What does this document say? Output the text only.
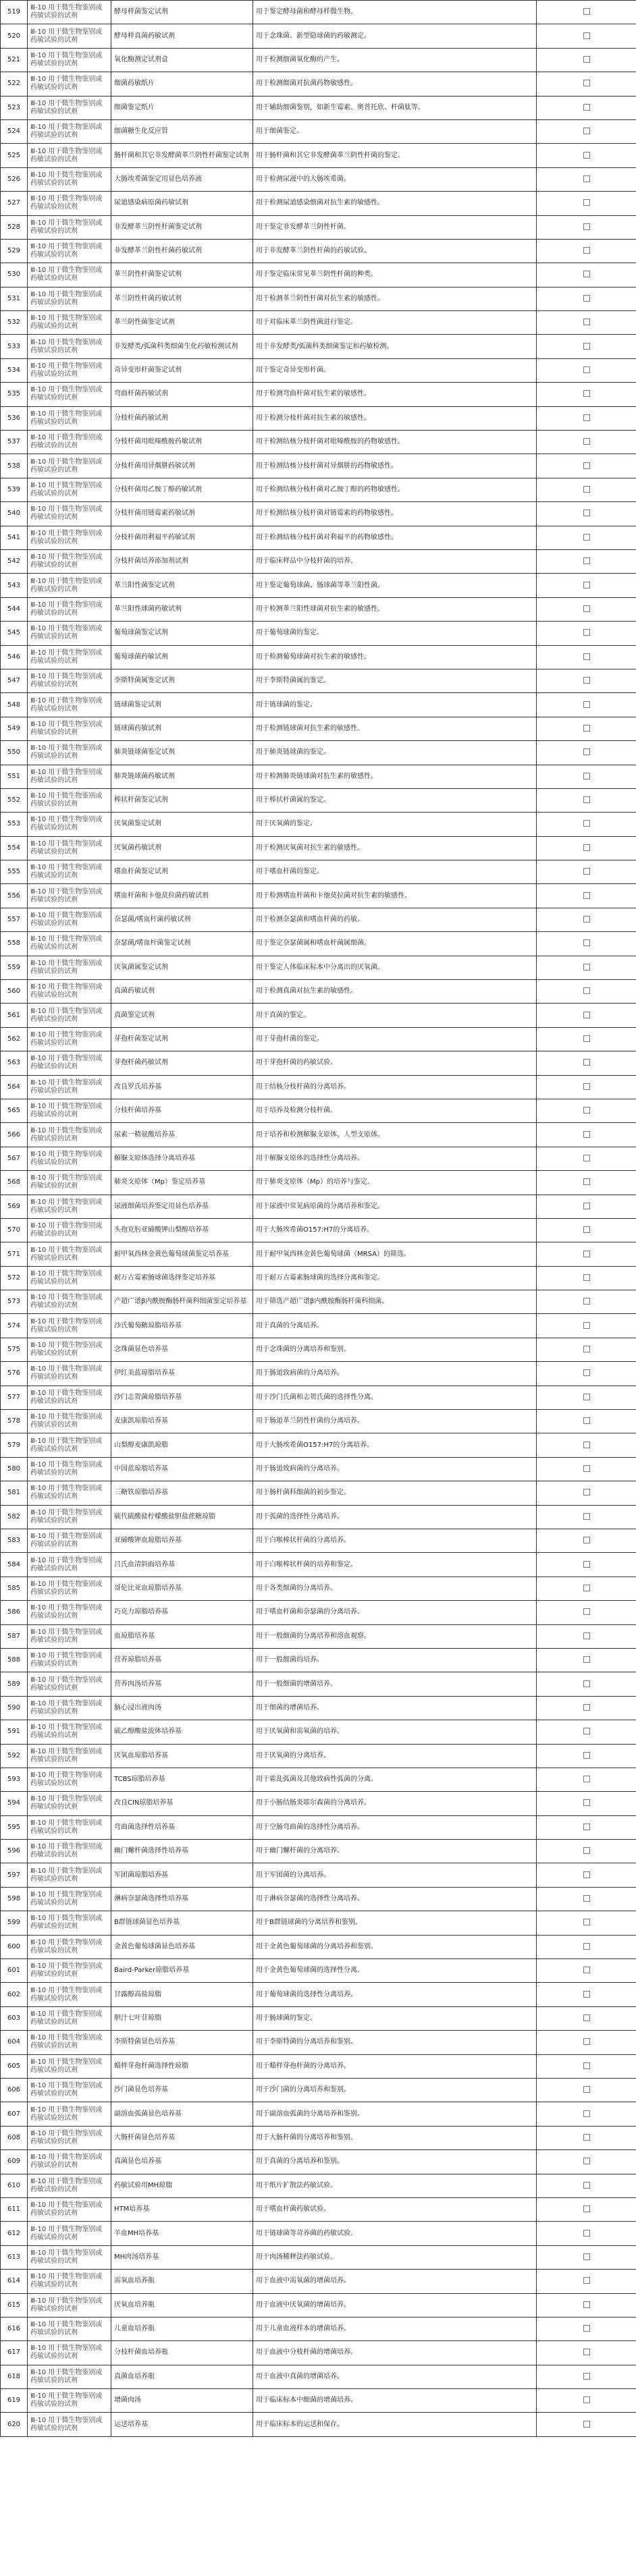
519	Ⅲ-10 用于微生物鉴别或药敏试验的试剂	酵母样菌鉴定试剂	用于鉴定酵母菌和酵母样微生物。	
520	Ⅲ-10 用于微生物鉴别或药敏试验的试剂	酵母样真菌药敏试剂	用于念珠菌、新型隐球菌的药敏测定。	
521	Ⅲ-10 用于微生物鉴别或药敏试验的试剂	氧化酶测定试剂盒	用于检测细菌氧化酶的产生。	
522	Ⅲ-10 用于微生物鉴别或药敏试验的试剂	细菌药敏纸片	用于检测细菌对抗菌药物敏感性。	
523	Ⅲ-10 用于微生物鉴别或药敏试验的试剂	细菌鉴定纸片	用于辅助细菌鉴别，如新生霉素、奥普托欣、杆菌肽等。	
524	Ⅲ-10 用于微生物鉴别或药敏试验的试剂	细菌糖生化反应管	用于细菌鉴定。	
525	Ⅲ-10 用于微生物鉴别或药敏试验的试剂	肠杆菌和其它非发酵菌革兰阴性杆菌鉴定试剂	用于肠杆菌和其它非发酵菌革兰阴性杆菌的鉴定。	
526	Ⅲ-10 用于微生物鉴别或药敏试验的试剂	大肠埃希菌鉴定用显色培养液	用于检测尿液中的大肠埃希菌。	
527	Ⅲ-10 用于微生物鉴别或药敏试验的试剂	尿道感染病原菌药敏试剂	用于检测尿道感染细菌对抗生素的敏感性。	
528	Ⅲ-10 用于微生物鉴别或药敏试验的试剂	非发酵革兰阴性杆菌鉴定试剂	用于鉴定非发酵革兰阴性杆菌。	
529	Ⅲ-10 用于微生物鉴别或药敏试验的试剂	非发酵革兰阴性杆菌药敏试剂	用于非发酵革兰阴性杆菌的药敏试验。	
530	Ⅲ-10 用于微生物鉴别或药敏试验的试剂	革兰阴性杆菌鉴定试剂	用于鉴定临床常见革兰阴性杆菌的种类。	
531	Ⅲ-10 用于微生物鉴别或药敏试验的试剂	革兰阴性杆菌药敏试剂	用于检测革兰阴性杆菌对抗生素的敏感性。	
532	Ⅲ-10 用于微生物鉴别或药敏试验的试剂	革兰阴性菌鉴定试剂	用于对临床革兰阴性菌进行鉴定。	
533	Ⅲ-10 用于微生物鉴别或药敏试验的试剂	非发酵类/弧菌科类细菌生化药敏检测试剂	用于非发酵类/弧菌科类细菌鉴定和药敏检测。	
534	Ⅲ-10 用于微生物鉴别或药敏试验的试剂	奇异变形杆菌鉴定试剂	用于鉴定奇异变形杆菌。	
535	Ⅲ-10 用于微生物鉴别或药敏试验的试剂	弯曲杆菌药敏试剂	用于检测弯曲杆菌对抗生素的敏感性。	
536	Ⅲ-10 用于微生物鉴别或药敏试验的试剂	分枝杆菌药敏试剂	用于检测分枝杆菌对抗生素的敏感性。	
537	Ⅲ-10 用于微生物鉴别或药敏试验的试剂	分枝杆菌用吡嗪酰胺药敏试剂	用于检测结核分枝杆菌对吡嗪酰胺的药物敏感性。	
538	Ⅲ-10 用于微生物鉴别或药敏试验的试剂	分枝杆菌用异烟肼药敏试剂	用于检测结核分枝杆菌对异烟肼的药物敏感性。	
539	Ⅲ-10 用于微生物鉴别或药敏试验的试剂	分枝杆菌用乙胺丁醇药敏试剂	用于检测结核分枝杆菌对乙胺丁醇的药物敏感性。	
540	Ⅲ-10 用于微生物鉴别或药敏试验的试剂	分枝杆菌用链霉素药敏试剂	用于检测结核分枝杆菌对链霉素的药物敏感性。	
541	Ⅲ-10 用于微生物鉴别或药敏试验的试剂	分枝杆菌用利福平药敏试剂	用于检测结核分枝杆菌对利福平的药物敏感性。	
542	Ⅲ-10 用于微生物鉴别或药敏试验的试剂	分枝杆菌培养添加剂试剂	用于临床样品中分枝杆菌的培养。	
543	Ⅲ-10 用于微生物鉴别或药敏试验的试剂	革兰阳性菌鉴定试剂	用于鉴定葡萄球菌、肠球菌等革兰阳性菌。	
544	Ⅲ-10 用于微生物鉴别或药敏试验的试剂	革兰阳性球菌药敏试剂	用于检测革兰阳性球菌对抗生素的敏感性。	
545	Ⅲ-10 用于微生物鉴别或药敏试验的试剂	葡萄球菌鉴定试剂	用于葡萄球菌的鉴定。	
546	Ⅲ-10 用于微生物鉴别或药敏试验的试剂	葡萄球菌药敏试剂	用于检测葡萄球菌对抗生素的敏感性。	
547	Ⅲ-10 用于微生物鉴别或药敏试验的试剂	李斯特菌属鉴定试剂	用于李斯特菌属的鉴定。	
548	Ⅲ-10 用于微生物鉴别或药敏试验的试剂	链球菌鉴定试剂	用于链球菌的鉴定。	
549	Ⅲ-10 用于微生物鉴别或药敏试验的试剂	链球菌药敏试剂	用于检测链球菌对抗生素的敏感性。	
550	Ⅲ-10 用于微生物鉴别或药敏试验的试剂	肺炎链球菌鉴定试剂	用于肺炎链球菌的鉴定。	
551	Ⅲ-10 用于微生物鉴别或药敏试验的试剂	肺炎链球菌药敏试剂	用于检测肺炎链球菌对抗生素的敏感性。	
552	Ⅲ-10 用于微生物鉴别或药敏试验的试剂	棒状杆菌鉴定试剂	用于棒状杆菌属的鉴定。	
553	Ⅲ-10 用于微生物鉴别或药敏试验的试剂	厌氧菌鉴定试剂	用于厌氧菌的鉴定。	
554	Ⅲ-10 用于微生物鉴别或药敏试验的试剂	厌氧菌药敏试剂	用于检测厌氧菌对抗生素的敏感性。	
555	Ⅲ-10 用于微生物鉴别或药敏试验的试剂	嗜血杆菌鉴定试剂	用于嗜血杆菌的鉴定。	
556	Ⅲ-10 用于微生物鉴别或药敏试验的试剂	嗜血杆菌和卡他莫拉菌药敏试剂	用于检测嗜血杆菌和卡他莫拉菌对抗生素的敏感性。	
557	Ⅲ-10 用于微生物鉴别或药敏试验的试剂	奈瑟菌/嗜血杆菌药敏试剂	用于检测奈瑟菌和嗜血杆菌的药敏。	
558	Ⅲ-10 用于微生物鉴别或药敏试验的试剂	奈瑟菌/嗜血杆菌鉴定试剂	用于鉴定奈瑟菌属和嗜血杆菌属细菌。	
559	Ⅲ-10 用于微生物鉴别或药敏试验的试剂	厌氧菌属鉴定试剂	用于鉴定人体临床标本中分离出的厌氧菌。	
560	Ⅲ-10 用于微生物鉴别或药敏试验的试剂	真菌药敏试剂	用于检测真菌对抗生素的敏感性。	
561	Ⅲ-10 用于微生物鉴别或药敏试验的试剂	真菌鉴定试剂	用于真菌的鉴定。	
562	Ⅲ-10 用于微生物鉴别或药敏试验的试剂	芽孢杆菌鉴定试剂	用于芽孢杆菌的鉴定。	
563	Ⅲ-10 用于微生物鉴别或药敏试验的试剂	芽孢杆菌药敏试剂	用于芽孢杆菌的药敏试验。	
564	Ⅲ-10 用于微生物鉴别或药敏试验的试剂	改良罗氏培养基	用于结核分枝杆菌的分离培养。	
565	Ⅲ-10 用于微生物鉴别或药敏试验的试剂	分枝杆菌培养基	用于培养及检测分枝杆菌。	
566	Ⅲ-10 用于微生物鉴别或药敏试验的试剂	尿素一精氨酸培养基	用于培养和检测解脲支原体、人型支原体。	
567	Ⅲ-10 用于微生物鉴别或药敏试验的试剂	解脲支原体选择分离培养基	用于解脲支原体的选择性分离培养。	
568	Ⅲ-10 用于微生物鉴别或药敏试验的试剂	肺炎支原体（Mp）鉴定培养基	用于肺炎支原体（Mp）的培养与鉴定。	
569	Ⅲ-10 用于微生物鉴别或药敏试验的试剂	尿液细菌培养鉴定用显色培养基	用于尿液中常见病原菌的分离培养和鉴定。	
570	Ⅲ-10 用于微生物鉴别或药敏试验的试剂	头孢克肟亚碲酸钾山梨醇培养基	用于大肠埃希菌O157:H7的分离培养。	
571	Ⅲ-10 用于微生物鉴别或药敏试验的试剂	耐甲氧西林金黄色葡萄球菌鉴定培养基	用于耐甲氧西林金黄色葡萄球菌（MRSA）的筛选。	
572	Ⅲ-10 用于微生物鉴别或药敏试验的试剂	耐万古霉素肠球菌选择鉴定培养基	用于耐万古霉素肠球菌的选择分离和鉴定。	
573	Ⅲ-10 用于微生物鉴别或药敏试验的试剂	产超广谱β内酰胺酶肠杆菌科细菌鉴定培养基	用于筛选产超广谱β内酰胺酶肠杆菌科细菌。	
574	Ⅲ-10 用于微生物鉴别或药敏试验的试剂	沙氏葡萄糖琼脂培养基	用于真菌的分离培养。	
575	Ⅲ-10 用于微生物鉴别或药敏试验的试剂	念珠菌显色培养基	用于念珠菌的分离培养和鉴别。	
576	Ⅲ-10 用于微生物鉴别或药敏试验的试剂	伊红美蓝琼脂培养基	用于肠道致病菌的分离培养。	
577	Ⅲ-10 用于微生物鉴别或药敏试验的试剂	沙门志贺菌琼脂培养基	用于沙门氏菌和志贺氏菌的选择性分离。	
578	Ⅲ-10 用于微生物鉴别或药敏试验的试剂	麦康凯琼脂培养基	用于肠道革兰阴性杆菌的分离培养。	
579	Ⅲ-10 用于微生物鉴别或药敏试验的试剂	山梨醇麦康凯琼脂	用于大肠埃希菌O157:H7的分离培养。	
580	Ⅲ-10 用于微生物鉴别或药敏试验的试剂	中国蓝琼脂培养基	用于肠道致病菌的分离培养。	
581	Ⅲ-10 用于微生物鉴别或药敏试验的试剂	三糖铁琼脂培养基	用于肠杆菌科细菌的初步鉴定。	
582	Ⅲ-10 用于微生物鉴别或药敏试验的试剂	硫代硫酸盐柠檬酸盐胆盐蔗糖琼脂	用于弧菌的选择性分离培养。	
583	Ⅲ-10 用于微生物鉴别或药敏试验的试剂	亚碲酸钾血琼脂培养基	用于白喉棒状杆菌的分离培养。	
584	Ⅲ-10 用于微生物鉴别或药敏试验的试剂	吕氏血清斜面培养基	用于白喉棒状杆菌的培养和鉴定。	
585	Ⅲ-10 用于微生物鉴别或药敏试验的试剂	哥伦比亚血琼脂培养基	用于各类细菌的分离培养。	
586	Ⅲ-10 用于微生物鉴别或药敏试验的试剂	巧克力琼脂培养基	用于嗜血杆菌和奈瑟菌的分离培养。	
587	Ⅲ-10 用于微生物鉴别或药敏试验的试剂	血琼脂培养基	用于一般细菌的分离培养和溶血观察。	
588	Ⅲ-10 用于微生物鉴别或药敏试验的试剂	营养琼脂培养基	用于一般细菌的培养。	
589	Ⅲ-10 用于微生物鉴别或药敏试验的试剂	营养肉汤培养基	用于一般细菌的增菌培养。	
590	Ⅲ-10 用于微生物鉴别或药敏试验的试剂	脑心浸出液肉汤	用于细菌的增菌培养。	
591	Ⅲ-10 用于微生物鉴别或药敏试验的试剂	硫乙醇酸盐流体培养基	用于厌氧菌和需氧菌的培养。	
592	Ⅲ-10 用于微生物鉴别或药敏试验的试剂	厌氧血琼脂培养基	用于厌氧菌的分离培养。	
593	Ⅲ-10 用于微生物鉴别或药敏试验的试剂	TCBS琼脂培养基	用于霍乱弧菌及其他致病性弧菌的分离。	
594	Ⅲ-10 用于微生物鉴别或药敏试验的试剂	改良CIN琼脂培养基	用于小肠结肠炎耶尔森菌的分离培养。	
595	Ⅲ-10 用于微生物鉴别或药敏试验的试剂	弯曲菌选择性培养基	用于空肠弯曲菌的选择性分离培养。	
596	Ⅲ-10 用于微生物鉴别或药敏试验的试剂	幽门螺杆菌选择性培养基	用于幽门螺杆菌的分离培养。	
597	Ⅲ-10 用于微生物鉴别或药敏试验的试剂	军团菌琼脂培养基	用于军团菌的分离培养。	
598	Ⅲ-10 用于微生物鉴别或药敏试验的试剂	淋病奈瑟菌选择性培养基	用于淋病奈瑟菌的选择性分离培养。	
599	Ⅲ-10 用于微生物鉴别或药敏试验的试剂	B群链球菌显色培养基	用于B群链球菌的分离培养和鉴别。	
600	Ⅲ-10 用于微生物鉴别或药敏试验的试剂	金黄色葡萄球菌显色培养基	用于金黄色葡萄球菌的分离培养和鉴别。	
601	Ⅲ-10 用于微生物鉴别或药敏试验的试剂	Baird-Parker琼脂培养基	用于金黄色葡萄球菌的选择性分离。	
602	Ⅲ-10 用于微生物鉴别或药敏试验的试剂	甘露醇高盐琼脂	用于葡萄球菌的选择性分离培养。	
603	Ⅲ-10 用于微生物鉴别或药敏试验的试剂	胆汁七叶苷琼脂	用于肠球菌的鉴定。	
604	Ⅲ-10 用于微生物鉴别或药敏试验的试剂	李斯特菌显色培养基	用于李斯特菌的分离培养和鉴别。	
605	Ⅲ-10 用于微生物鉴别或药敏试验的试剂	蜡样芽孢杆菌选择性琼脂	用于蜡样芽孢杆菌的分离培养。	
606	Ⅲ-10 用于微生物鉴别或药敏试验的试剂	沙门菌显色培养基	用于沙门菌的分离培养和鉴别。	
607	Ⅲ-10 用于微生物鉴别或药敏试验的试剂	副溶血弧菌显色培养基	用于副溶血弧菌的分离培养和鉴别。	
608	Ⅲ-10 用于微生物鉴别或药敏试验的试剂	大肠杆菌显色培养基	用于大肠杆菌的分离培养和鉴别。	
609	Ⅲ-10 用于微生物鉴别或药敏试验的试剂	真菌显色培养基	用于真菌的分离培养和鉴别。	
610	Ⅲ-10 用于微生物鉴别或药敏试验的试剂	药敏试验用MH琼脂	用于纸片扩散法药敏试验。	
611	Ⅲ-10 用于微生物鉴别或药敏试验的试剂	HTM培养基	用于嗜血杆菌药敏试验。	
612	Ⅲ-10 用于微生物鉴别或药敏试验的试剂	羊血MH培养基	用于链球菌等苛养菌的药敏试验。	
613	Ⅲ-10 用于微生物鉴别或药敏试验的试剂	MH肉汤培养基	用于肉汤稀释法药敏试验。	
614	Ⅲ-10 用于微生物鉴别或药敏试验的试剂	需氧血培养瓶	用于血液中需氧菌的增菌培养。	
615	Ⅲ-10 用于微生物鉴别或药敏试验的试剂	厌氧血培养瓶	用于血液中厌氧菌的增菌培养。	
616	Ⅲ-10 用于微生物鉴别或药敏试验的试剂	儿童血培养瓶	用于儿童血液样本的增菌培养。	
617	Ⅲ-10 用于微生物鉴别或药敏试验的试剂	分枝杆菌血培养瓶	用于血液中分枝杆菌的增菌培养。	
618	Ⅲ-10 用于微生物鉴别或药敏试验的试剂	真菌血培养瓶	用于血液中真菌的增菌培养。	
619	Ⅲ-10 用于微生物鉴别或药敏试验的试剂	增菌肉汤	用于临床标本中细菌的增菌培养。	
620	Ⅲ-10 用于微生物鉴别或药敏试验的试剂	运送培养基	用于临床标本的运送和保存。	
